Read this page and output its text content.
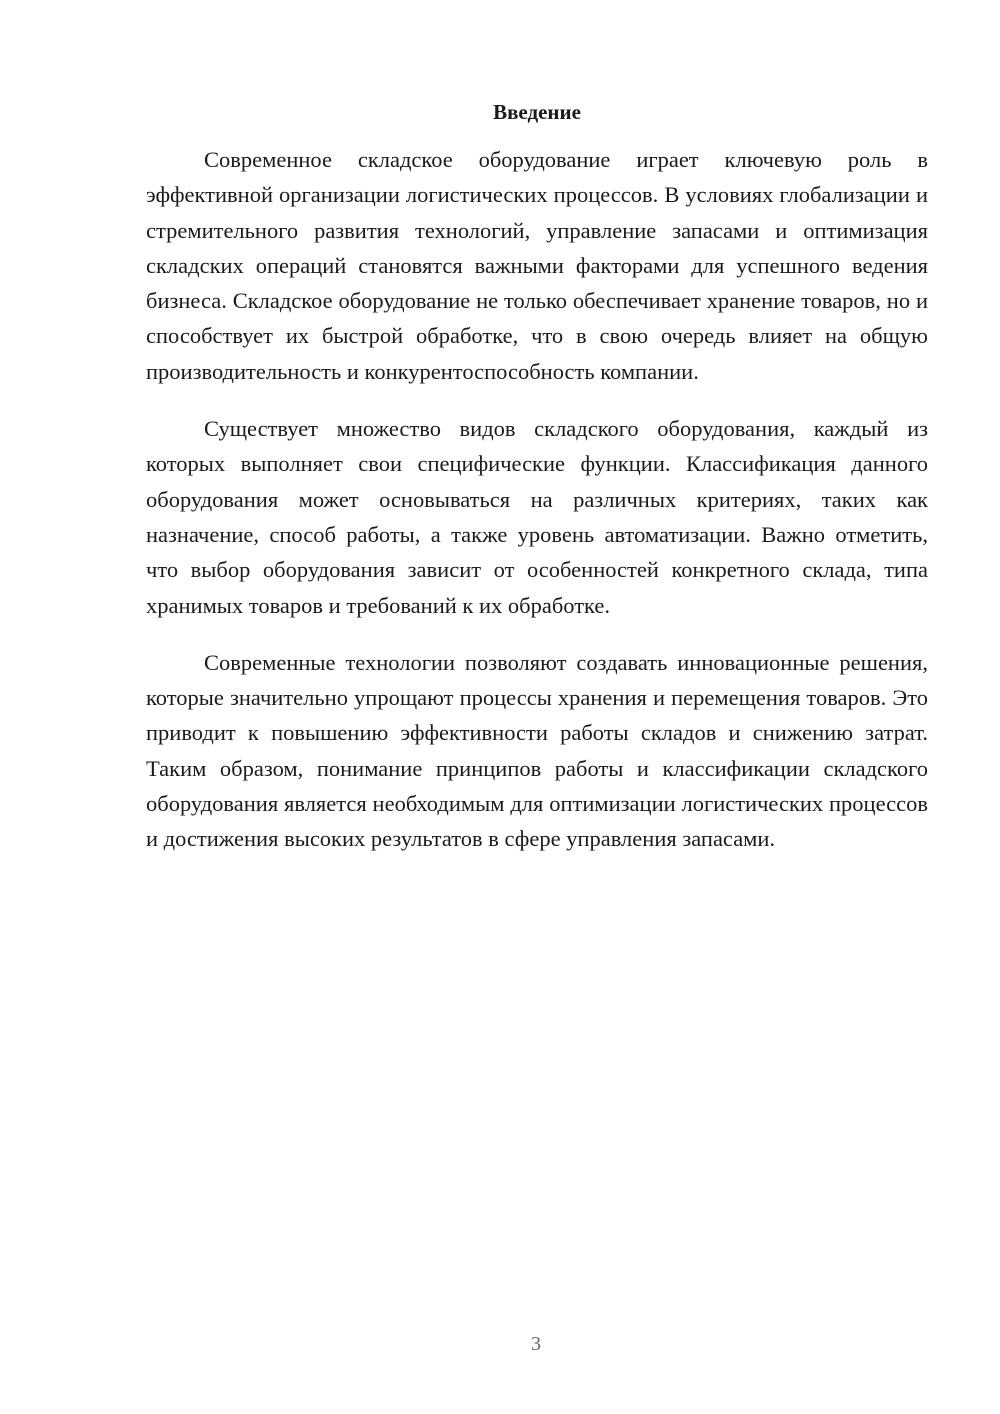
Введение

Современное складское оборудование играет ключевую роль в эффективной организации логистических процессов. В условиях глобализации и стремительного развития технологий, управление запасами и оптимизация складских операций становятся важными факторами для успешного ведения бизнеса. Складское оборудование не только обеспечивает хранение товаров, но и способствует их быстрой обработке, что в свою очередь влияет на общую производительность и конкурентоспособность компании.

Существует множество видов складского оборудования, каждый из которых выполняет свои специфические функции. Классификация данного оборудования может основываться на различных критериях, таких как назначение, способ работы, а также уровень автоматизации. Важно отметить, что выбор оборудования зависит от особенностей конкретного склада, типа хранимых товаров и требований к их обработке.

Современные технологии позволяют создавать инновационные решения, которые значительно упрощают процессы хранения и перемещения товаров. Это приводит к повышению эффективности работы складов и снижению затрат. Таким образом, понимание принципов работы и классификации складского оборудования является необходимым для оптимизации логистических процессов и достижения высоких результатов в сфере управления запасами.

3
